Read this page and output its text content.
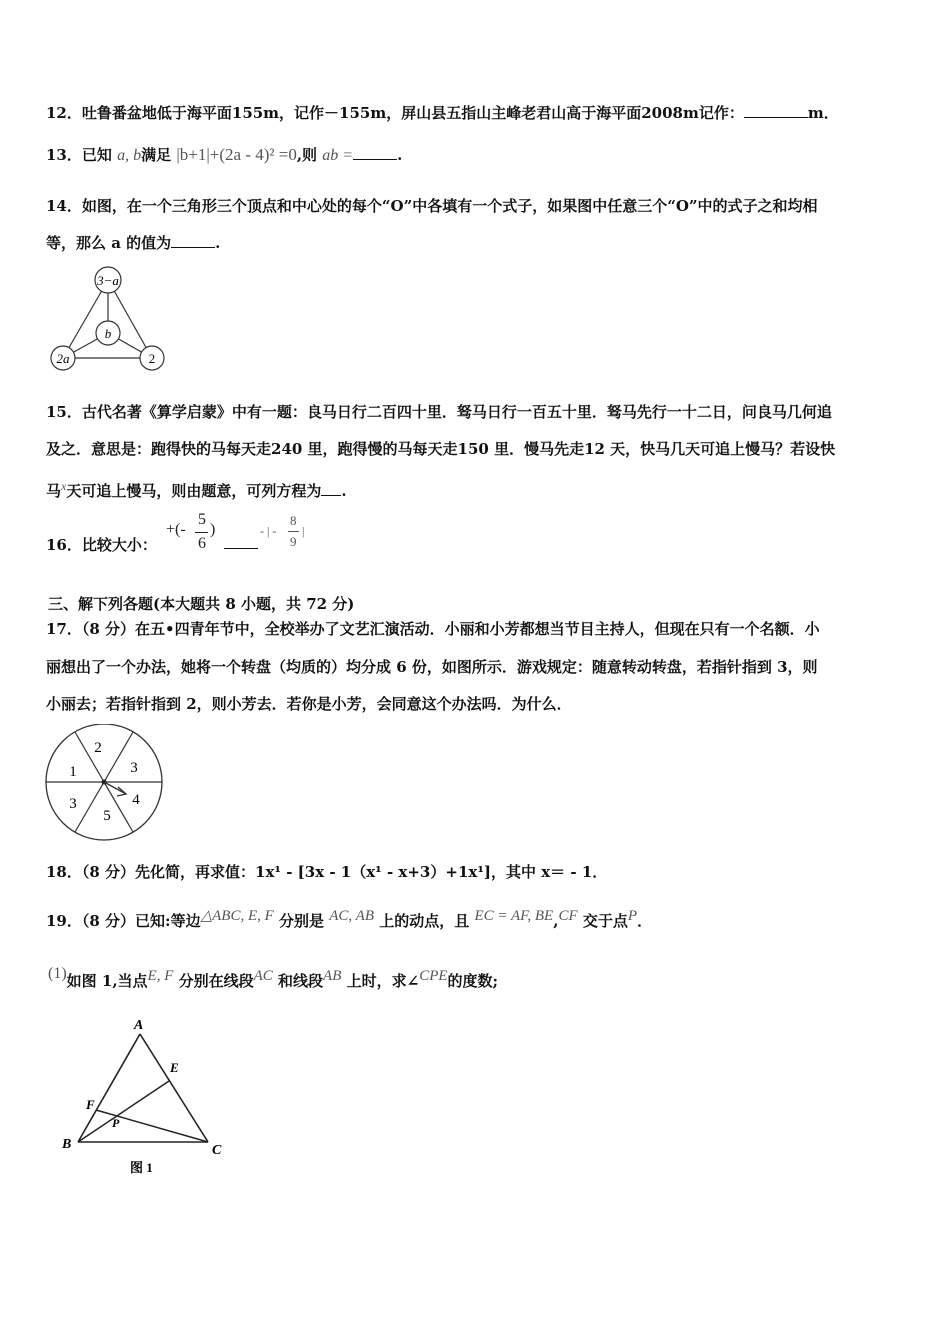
12．吐鲁番盆地低于海平面155m，记作－155m，屏山县五指山主峰老君山高于海平面2008m记作：	m．
13．已知 a, b满足 |b+1|+(2a - 4)² =0,则 ab =	.
14．如图，在一个三角形三个顶点和中心处的每个“O”中各填有一个式子，如果图中任意三个“O”中的式子之和均相
等，那么 a 的值为	.
3−a
b
2a	2
15．古代名著《算学启蒙》中有一题：良马日行二百四十里．驽马日行一百五十里．驽马先行一十二日，问良马几何追
及之．意思是：跑得快的马每天走240 里，跑得慢的马每天走150 里．慢马先走12 天，快马几天可追上慢马？若设快
马$^x$天可追上慢马，则由题意，可列方程为 .
16．比较大小：
+(-
5
6
)	- | -
8
9
|
三、解下列各题(本大题共 8 小题，共 72 分)
17．（8 分）在五•四青年节中，全校举办了文艺汇演活动．小丽和小芳都想当节目主持人，但现在只有一个名额．小
丽想出了一个办法，她将一个转盘（均质的）均分成 6 份，如图所示．游戏规定：随意转动转盘，若指针指到 3，则
小丽去；若指针指到 2，则小芳去．若你是小芳，会同意这个办法吗．为什么．
1
2
3
4
5
3
18．（8 分）先化简，再求值：1x¹ - [3x - 1（x¹ - x+3）+1x¹]，其中 x＝ - 1．
19．（8 分）已知:等边$^{\triangle ABC, E, F}$ 分别是 $^{AC, AB}$ 上的动点，且 $^{EC = AF, BE}$,$^{CF}$ 交于点$^P$．
(1)如图 1,当点$^{E, F}$ 分别在线段$^{AC}$ 和线段$^{AB}$ 上时，求∠$^{CPE}$的度数;
A
B	C
E
F
P
图 1
